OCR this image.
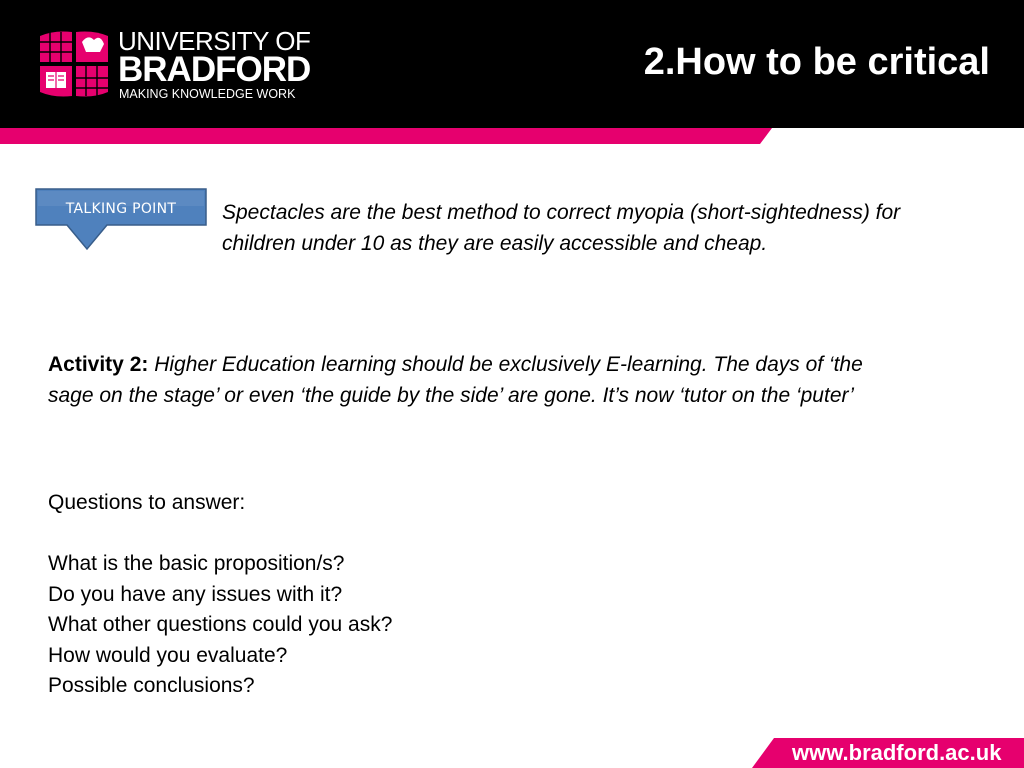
UNIVERSITY OF
BRADFORD
MAKING KNOWLEDGE WORK
2.How to be critical
TALKING POINT	Spectacles are the best method to correct myopia (short-sightedness) for children under 10 as they are easily accessible and cheap.
Activity 2: Higher Education learning should be exclusively E-learning. The days of ‘the sage on the stage’ or even ‘the guide by the side’ are gone. It’s now ‘tutor on the ‘puter’
Questions to answer:
What is the basic proposition/s?
Do you have any issues with it?
What other questions could you ask?
How would you evaluate?
Possible conclusions?
www.bradford.ac.uk
